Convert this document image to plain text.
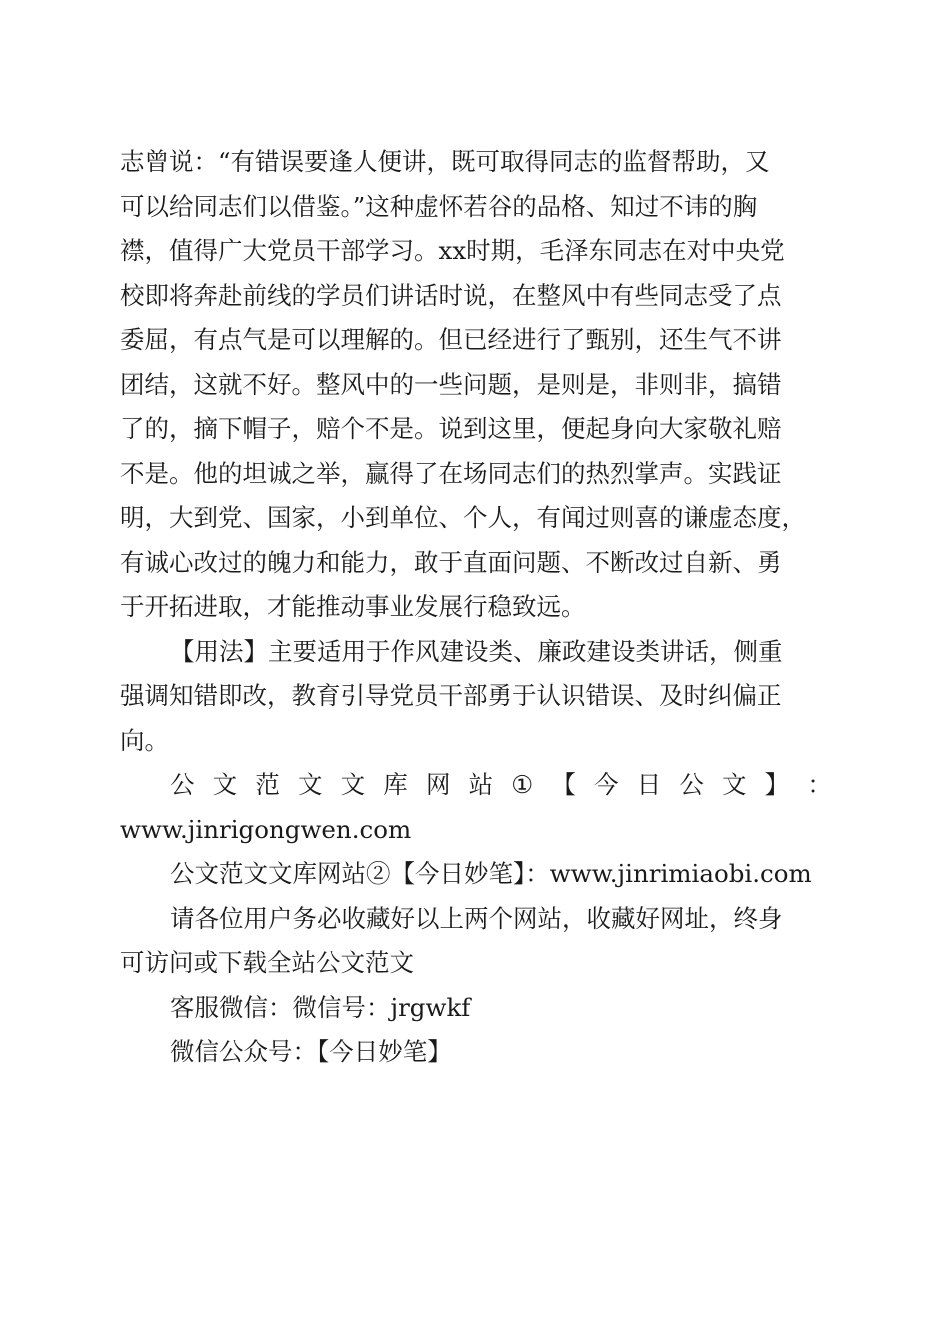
志曾说：“有错误要逢人便讲，既可取得同志的监督帮助，又
可以给同志们以借鉴。”这种虚怀若谷的品格、知过不讳的胸
襟，值得广大党员干部学习。xx时期，毛泽东同志在对中央党
校即将奔赴前线的学员们讲话时说，在整风中有些同志受了点
委屈，有点气是可以理解的。但已经进行了甄别，还生气不讲
团结，这就不好。整风中的一些问题，是则是，非则非，搞错
了的，摘下帽子，赔个不是。说到这里，便起身向大家敬礼赔
不是。他的坦诚之举，赢得了在场同志们的热烈掌声。实践证
明，大到党、国家，小到单位、个人，有闻过则喜的谦虚态度，
有诚心改过的魄力和能力，敢于直面问题、不断改过自新、勇
于开拓进取，才能推动事业发展行稳致远。
【用法】主要适用于作风建设类、廉政建设类讲话，侧重
强调知错即改，教育引导党员干部勇于认识错误、及时纠偏正
向。
公 文 范 文 文 库 网 站 ① 【 今 日 公 文 】 ：
www.jinrigongwen.com
公文范文文库网站②【今日妙笔】：www.jinrimiaobi.com
请各位用户务必收藏好以上两个网站，收藏好网址，终身
可访问或下载全站公文范文
客服微信：微信号：jrgwkf
微信公众号：【今日妙笔】
